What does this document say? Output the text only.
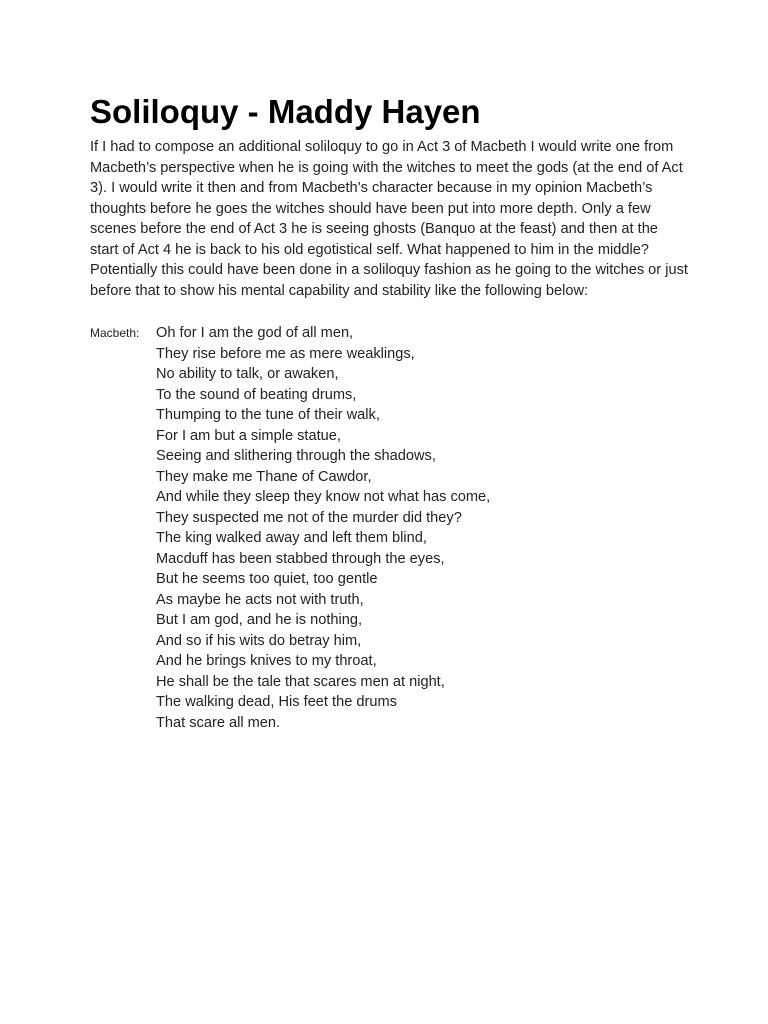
Soliloquy - Maddy Hayen

If I had to compose an additional soliloquy to go in Act 3 of Macbeth I would write one from Macbeth’s perspective when he is going with the witches to meet the gods (at the end of Act 3). I would write it then and from Macbeth’s character because in my opinion Macbeth’s thoughts before he goes the witches should have been put into more depth. Only a few scenes before the end of Act 3 he is seeing ghosts (Banquo at the feast) and then at the start of Act 4 he is back to his old egotistical self. What happened to him in the middle? Potentially this could have been done in a soliloquy fashion as he going to the witches or just before that to show his mental capability and stability like the following below:

Macbeth: Oh for I am the god of all men,
They rise before me as mere weaklings,
No ability to talk, or awaken,
To the sound of beating drums,
Thumping to the tune of their walk,
For I am but a simple statue,
Seeing and slithering through the shadows,
They make me Thane of Cawdor,
And while they sleep they know not what has come,
They suspected me not of the murder did they?
The king walked away and left them blind,
Macduff has been stabbed through the eyes,
But he seems too quiet, too gentle
As maybe he acts not with truth,
But I am god, and he is nothing,
And so if his wits do betray him,
And he brings knives to my throat,
He shall be the tale that scares men at night,
The walking dead, His feet the drums
That scare all men.
